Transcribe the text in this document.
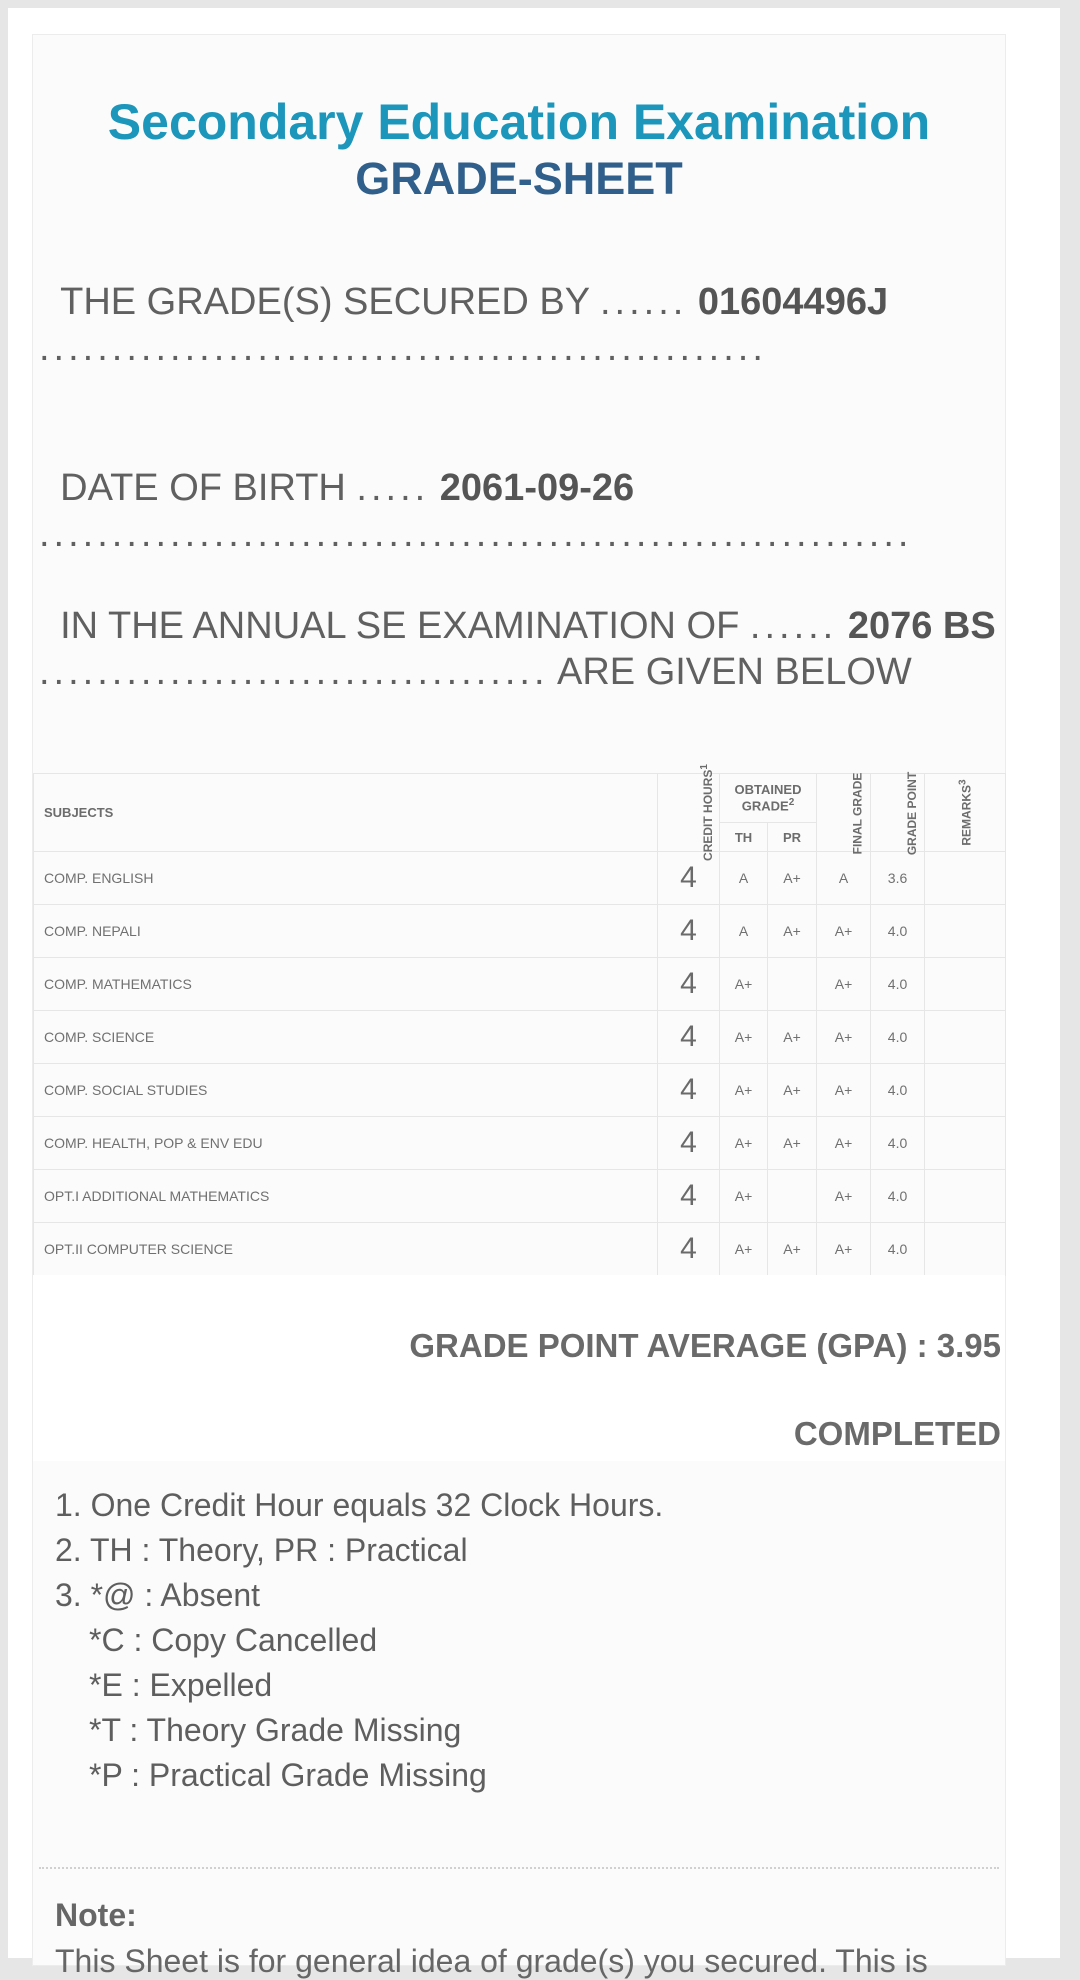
Secondary Education Examination
GRADE-SHEET
THE GRADE(S) SECURED BY ...... 01604496J ..................................................
DATE OF BIRTH ..... 2061-09-26 ............................................................
IN THE ANNUAL SE EXAMINATION OF ...... 2076 BS ................................... ARE GIVEN BELOW
SUBJECTS	CREDIT HOURS$^1$	OBTAINED GRADE$^2$		FINAL GRADE	GRADE POINT	REMARKS$^3$
		TH	PR			
COMP. ENGLISH	4	A	A+	A	3.6	
COMP. NEPALI	4	A	A+	A+	4.0	
COMP. MATHEMATICS	4	A+		A+	4.0	
COMP. SCIENCE	4	A+	A+	A+	4.0	
COMP. SOCIAL STUDIES	4	A+	A+	A+	4.0	
COMP. HEALTH, POP & ENV EDU	4	A+	A+	A+	4.0	
OPT.I ADDITIONAL MATHEMATICS	4	A+		A+	4.0	
OPT.II COMPUTER SCIENCE	4	A+	A+	A+	4.0	
GRADE POINT AVERAGE (GPA) : 3.95
COMPLETED
1. One Credit Hour equals 32 Clock Hours.
2. TH : Theory, PR : Practical
3. *@ : Absent
*C : Copy Cancelled
*E : Expelled
*T : Theory Grade Missing
*P : Practical Grade Missing
Note:
This Sheet is for general idea of grade(s) you secured. This is
